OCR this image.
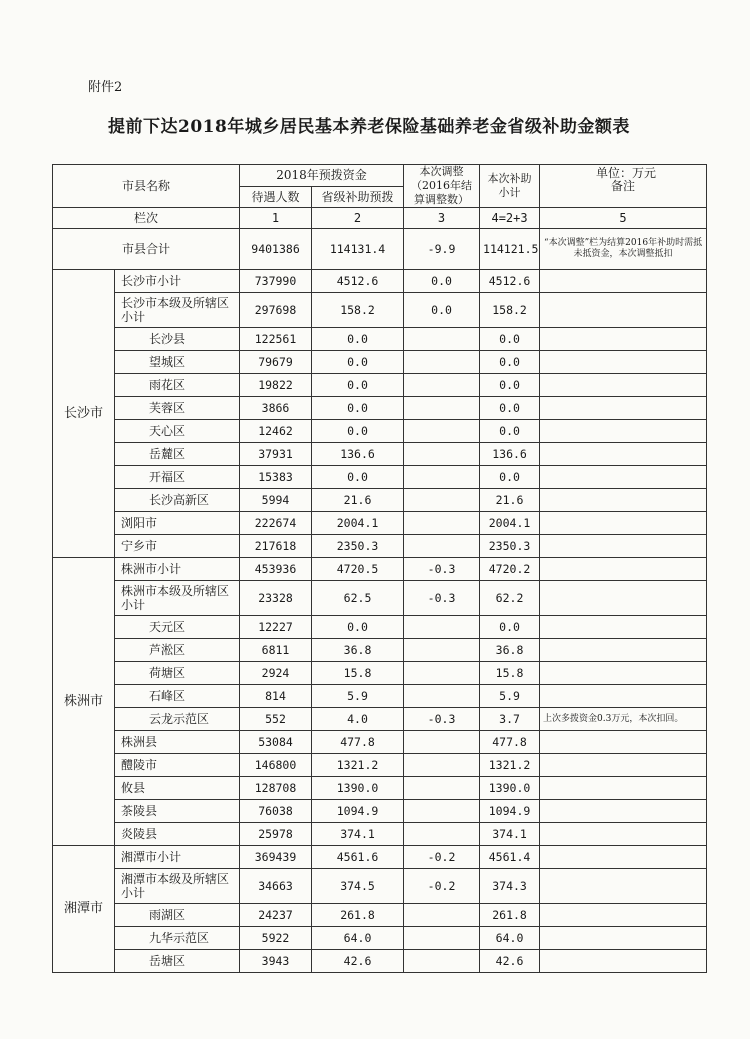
附件2
提前下达2018年城乡居民基本养老保险基础养老金省级补助金额表
单位：万元
市县名称		2018年预拨资金		本次调整（2016年结算调整数）	本次补助小计	备注
		待遇人数	省级补助预拨			
栏次		1	2	3	4=2+3	5
市县合计		9401386	114131.4	-9.9	114121.5	“本次调整”栏为结算2016年补助时需抵未抵资金，本次调整抵扣
长沙市	长沙市小计	737990	4512.6	0.0	4512.6	
	长沙市本级及所辖区小计	297698	158.2	0.0	158.2	
	长沙县	122561	0.0		0.0	
	望城区	79679	0.0		0.0	
	雨花区	19822	0.0		0.0	
	芙蓉区	3866	0.0		0.0	
	天心区	12462	0.0		0.0	
	岳麓区	37931	136.6		136.6	
	开福区	15383	0.0		0.0	
	长沙高新区	5994	21.6		21.6	
	浏阳市	222674	2004.1		2004.1	
	宁乡市	217618	2350.3		2350.3	
株洲市	株洲市小计	453936	4720.5	-0.3	4720.2	
	株洲市本级及所辖区小计	23328	62.5	-0.3	62.2	
	天元区	12227	0.0		0.0	
	芦淞区	6811	36.8		36.8	
	荷塘区	2924	15.8		15.8	
	石峰区	814	5.9		5.9	
	云龙示范区	552	4.0	-0.3	3.7	上次多拨资金0.3万元，本次扣回。
	株洲县	53084	477.8		477.8	
	醴陵市	146800	1321.2		1321.2	
	攸县	128708	1390.0		1390.0	
	茶陵县	76038	1094.9		1094.9	
	炎陵县	25978	374.1		374.1	
湘潭市	湘潭市小计	369439	4561.6	-0.2	4561.4	
	湘潭市本级及所辖区小计	34663	374.5	-0.2	374.3	
	雨湖区	24237	261.8		261.8	
	九华示范区	5922	64.0		64.0	
	岳塘区	3943	42.6		42.6	
